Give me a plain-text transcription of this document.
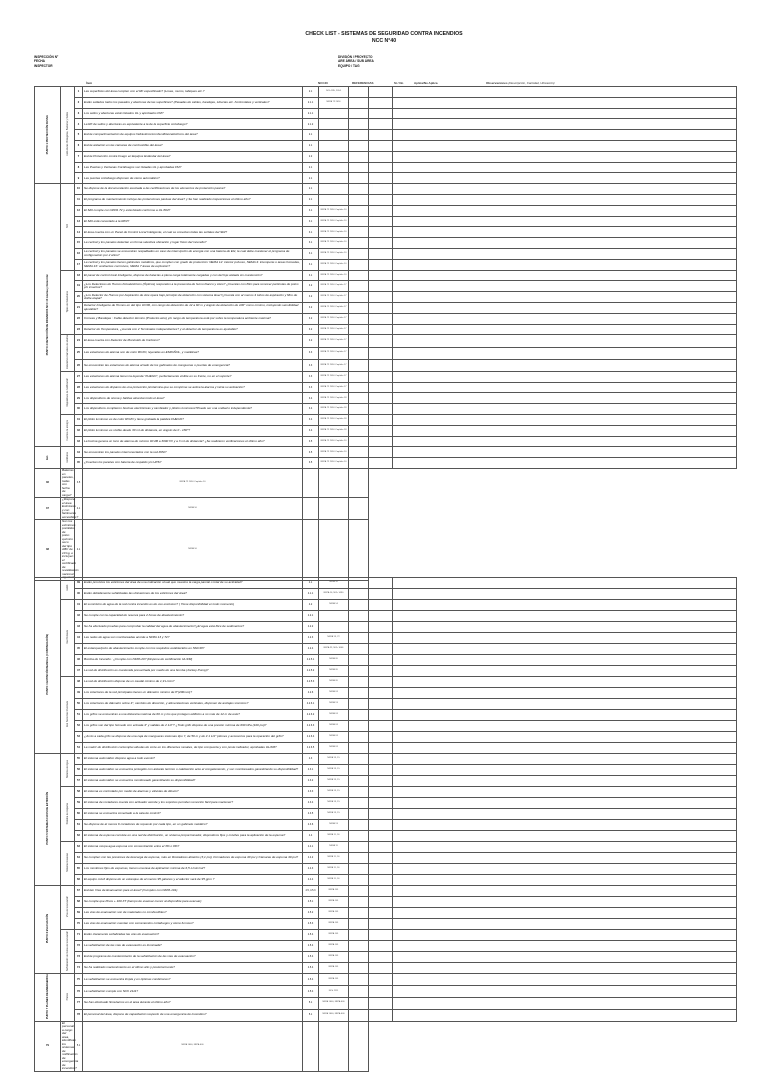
CHECK LIST - SISTEMAS DE SEGURIDAD CONTRA INCENDIOS
NCC N°40
INSPECCIÓN N°
FECHA
INSPECTOR
DIVISIÓN / PROYECTO
ARE ÁREA / SUB ÁREA
EQUIPO / TAG
Ítem	NCC40	REFERENCIAS	Sí / No	Aplica/No Aplica	Observaciones (Descripción, Cantidad, Ubicación)
PUNTO 1 PROTECCIÓN PASIVA	Estructuras Protegidas, Barreras y Sellos	1	Las superficies del área cumplen con el RF especificado? (Losas, muros, tabiques etc.?	2.1	NCh 935, 2014			
		2	Están sellados todos los pasados y aberturas de las superficies? (Pasadas de cables, bandejas, tuberías etc. horizontales y verticales?	2.1.1	NFPA 72 2016			
		3	Los sellos y aberturas están listados UL y aprobados FM?	2.1.1				
		4	La RF de sellos y aberturas es equivalente a la de la superficie cortafuego?	2.1.2				
		5	Existe compartimentación de equipos hidráulicos/combustibles/eléctricos del área?	2.1				
		6	Existe aislación en las cámaras de combustible del área?	2.1				
		7	Existe Protección contra Fuego en Equipos Estándar del área?	2.2				
		8	Las Puertas y Ventanas Cortafuegos son listadas UL y aprobadas FM?	2.1				
		9	Las puertas cortafuego disponen de cierre automático?	2.1				
PUNTO 2 DETECCIÓN DE INCENDIOS NCC 40 Alarma y Detección	SDI	10	Se dispone de la documentación asociada a las certificaciones de los elementos de protección pasiva?	2.1				
		11	El programa de mantenimiento incluye las protecciones pasivas del área? y Se han realizado inspecciones el último año?	2.1				
		12	El SDI cumple con NFPA 72 y está listado conforme a UL 864?	3.1	NFPA 72 2016 Capítulo 10			
		13	El SDI está conectado a la RINI?	3.1	NFPA 72 2016 Capítulo 10			
		14	El área cuenta con un Panel de Control Local Inteligente, el cual se conectan todas las señales del SDI?	3.1	NFPA 72 2016 Capítulo 10			
		15	La central y los paneles detectan en forma selectiva ubicación y lugar físico del incendio?	3.1	NFPA 72 2016 Capítulo 10			
		16	La central y los paneles se encuentran respaldados en caso de interrupción de energía con una batería de Ebi, la cual debe mantener el programa de configuración por 2 años?	3.1	NFPA 72 2016 Capítulo 10			
		17	La central y los paneles tienen gabinetes metálicos, que cumplen con grado de protección: NEMA 12: interior polvoso, NEMA 4: intemperie o áreas húmedas, NEMA 4X: ambientes corrosivos, NEMA 7 áreas de explosión?	3.1	NFPA 72 2016 Capítulo 10			
	Tipos de Detectores	18	El panel de control local inteligente, dispone de baterías a plena carga totalmente cargadas y con del fuje aislada sin mantención?	3.1	NFPA 72 2016 Capítulo 10			
		19	¿Los Detectores de Humos Fotoeléctricos (Ópticos) responden a la presencia de humo blanco y claro? ¿Cuentan con filtro para remover partículas de polvo y/o insectos?	3.2	NFPA 72 2016 Capítulo 17			
		20	¿Los Detector de Humos por Aspiración de Aire opera bajo principio de detección con sistema láser?¿Cuenta con al menos 4 tubos de aspiración y filtro de doble etapa?	3.2	NFPA 72 2016 Capítulo 17			
		21	Detector Inteligente de Humos en del tipo UV/IR, con rango de detección de 12 a 60 m y ángulo de detección de 100° como mínimo, incluyendo sensibilidad ajustable?	3.2	NFPA 72 2016 Capítulo 17			
		22	Correas y Bandejas : Cable detector térmico (Protector-wire) y/o rango de temperatura está por sobre la temperatura ambiente máxima?	3.2	NFPA 72 2016 Capítulo 17			
		23	Detector de Temperatura, ¿cuenta con 2 Terminales independientes? y el detector de temperatura es ajustable?	3.2	NFPA 72 2016 Capítulo 17			
	Estaciones manuales de alarma	24	El área cuenta con Detector de Monóxido de Carbono?	3.2	NFPA 72 2016 Capítulo 17			
		25	Las estaciones de alarma son de color ROJO, leyendas en ESPAÑOL, y metálicas?	3.3	NFPA 72 2016 Capítulo 17			
		26	Se encuentran las estaciones de alarma al lado de los gabinetes de mangueras o puertas de emergencia?	3.3	NFPA 72 2016 Capítulo 17			
	Dispositivos de notificación	27	Las estaciones de alarma tienen la leyenda "FUEGO", perfectamente visible en su frente, no en el soporte?	3.3	NFPA 72 2016 Capítulo 17			
		28	Las estaciones de disparos de una protección pirotécnica que se comprime se activa la alarma y inicia su activación?	3.3	NFPA 72 2016 Capítulo 17			
		29	Los dispositivos de sirena y balizas alcanzan todo el área?	3.4	NFPA 72 2016 Capítulo 18			
		30	Los dispositivos cumplieron bocinas electrónicas y cambiador y pilotos luminosos?Puede ser una unidad o independiente?	3.4	NFPA 72 2016 Capítulo 18			
	Fuentes de energía	31	El piloto luminoso es de color ROJO y tiene grabada la palabra FUEGO?	3.4	NFPA 72 2016 Capítulo 18			
		32	El piloto luminoso es visible desde 30 mt de distancia, en ángulo de 0 - 180°?	3.4	NFPA 72 2016 Capítulo 18			
		33	La bocina genera un tono de alarma de mínimo 90 dB a 3000 Hz y a 3 mt de distancia? ¿Se realizaron verificaciones el último año?	3.5	NFPA 72 2016 Capítulo 10			
Ext.	Extintores	34	Se encuentran los paneles interconectados con la red RINI?	3.5	NFPA 72 2016 Capítulo 10			
		35	¿Cuentan los paneles con batería de respaldo y/o UPS?	3.5	NFPA 72 2016 Capítulo 10			
36	Baterías en paneles, todas con fecha de carga?	3.5	NFPA 72 2016 Capítulo 10					
37	¿Dispone el área Extintores y con fácilmente accesibles?	4.1	NFPA 10					
38	Son los extintores portátiles de polvo químico seco del tipo ABC de 10 kg, e incluyen el certificado de revalidación nacional vigente?	4.1	NFPA 10					
PUNTO 4 EXTINCIÓN MANUAL (CONTINUACIÓN)	Extint.	39	Están provistos los extintores del área de una indicación visual que muestre la carga parcial o total de su actividad?	4.1	NFPA 10			
		40	Están debidamente señalizadas las ubicaciones de los extintores del área?	4.1.1	NFPA 10, NCh 1430			
	Red húmeda	41	El suministro de agua de la red contra incendio es de uso exclusivo? ( Tiene disponibilidad en todo momento)	4.2	NFPA 14			
		42	Se cumple con la capacidad de reserva para 2 horas de abastecimiento?	4.2.1				
		43	Se ha efectuado pruebas para comprobar la calidad del agua de abastecimiento?¿El agua está libre de sedimentos?	4.2.2				
		44	Las redes de agua son monitoreadas acorde a NFPA 13 y 72?	4.2.3	NFPA 13, 72			
		45	El estanque/pozo de abastecimiento cumple con los requisitos establecidos en NSC48?	4.2.4	NFPA 22, NCh 1646			
		46	Bomba de Incendio : ¿Cumple con NFPA 20? (Dispone de certificación UL/FM)	4.2.5.1	NFPA 20			
		47	La red de distribución es mantenida presurizada por medio de una bomba (Jockey Pump)?	4.2.5.2	NFPA 20			
	Red Seca/Red Inundada	48	La red de distribución dispone de un caudal mínimo de 1,9 L/min?	4.2.5.3	NFPA 20			
		49	Los colectores de la red principales tienen un diámetro mínimo de 8"(200mm)?	4.2.6	NFPA 24			
		50	Los colectores de diámetro sobre 4", cambios de dirección, y alimentaciones verticales, disponen de anclajes sísmicos?	4.2.6.1	NFPA 13			
		51	Los grifos se encuentran a una distancia máxima de 60 m y los que protegen edificios a no más de 12 m de este?	4.2.6.2	NFPA 24			
		52	Los grifos son del tipo húmedo con entrada 4" y salidas de 2 1/2"? ¿Todo grifo dispone de una presión mínima de 690 kPa (100 psi)?	4.2.6.3	NFPA 24			
		53	¿Junto a cada grifo se dispone de una caja de mangueras sistemas tipo Y, de 50 m y de 4 1 1/2" pitones y accesorios para la operación del grifo?	4.2.6.4	NFPA 24			
		54	La matriz de distribución contempla válvulas de corte en los diferentes ramales, de tipo compuerta y con poste indicador, aprobadas UL/FM?	4.2.6.5	NFPA 24			
PUNTO 5 SISTEMAS FIJOS DE EXTINCIÓN	Sistema de Agua	55	El sistema automático dispone agua a todo evento?	4.3	NFPA 13, 15			
		56	El sistema automático se encuentra protegido con aislante térmico o calefacción ante el congelamiento, y son monitoreados garantizando su disponibilidad?	4.3.1	NFPA 13, 15			
		57	El sistema automático se encuentra monitoreado garantizando su disponibilidad?	4.3.2	NFPA 13, 15			
	Sistema de Espuma	58	El sistema es controlado por medio de alarmas y válvulas de diluvio?	4.3.3	NFPA 13, 15			
		59	El sistema de rociadores cuenta con activador acorde y los soportes permiten remoción fácil para mantener?	4.3.4	NFPA 13, 15			
		60	El sistema se encuentra conectado a la sala de control?	4.3.5	NFPA 13, 15			
		61	Se dispone de al menos 6 rociadores de repuesto por cada tipo, en un gabinete metálico?	4.3.6	NFPA 13			
		62	El sistema de espuma consiste en una red de distribución, un sistema proporcionador, dispositivos fijos y móviles para la aplicación de la espuma?	4.4	NFPA 11, 16			
	Sistema Gaseoso	63	El sistema ocupa agua espuma con concentración entre el 3% o 6%?	4.4.1	NFPA 11			
		64	Se cumplen con las presiones de descarga de espuma, más en Rociadores abiertos (3,1 psi), Formadores de espuma 40 psi y Cámaras de espuma 40 psi?	4.4.2	NFPA 11, 16			
		65	Los monitores fijos de espumas, tienen una tasa de aplicación mínima de 6,5 L/min/m2?	4.4.3	NFPA 11, 16			
		66	El equipo móvil dispone de un estanque de al menos 95 galones y el aductor será de 95 gpm ?	4.4.4	NFPA 11, 16			
PUNTO 6 EVACUACIÓN	Vías de Evacuación	67	Existen Vías de Evacuación para el área? (Cumplen con NFPA 101)	4.5, 4.5.3	NFPA 101			
		68	Se cumple que Pisos + 100 FT (tiempo de evacuar menor al disponible para evacuar)	4.5.1	NFPA 101			
		69	Las vías de evacuación son de materiales no combustibles?	4.5.2	NFPA 101			
		70	Las vías de evacuación cuentan con cerramientos cortafuegos y cierre fumoso?	4.5.3	NFPA 101			
	Señalización de Rutas de Evacuación	71	Están claramente señalizadas las vías de evacuación?	4.5.4	NFPA 101			
		72	La señalización de las vías de evacuación es iluminada?	4.5.4	NFPA 101			
		73	Existe programa de mantenimiento de la señalización de las vías de evacuación?	4.5.4	NFPA 101			
		74	Se ha realizado mantenimiento en el último año y posteriormente?	4.5.4	NFPA 101			
PUNTO 7 PLANES DE EMERGENCIA	Planes	75	La señalización se encuentra limpia y en óptimas condiciones?	4.5.4	NFPA 101			
		76	La señalización cumple con NCh 2111?	4.5.4	NCh 2111			
		77	Se han efectuado Simulacros en el área durante el último año?	5.1	NFPA 1600, NFPA 600			
		78	El personal del área, dispone de capacitación respecto de una emergencia de incendios?	5.1	NFPA 1600, NFPA 600			
79	El personal a cargo del área, identifican los sistemas de notificación de emergencia de incendios?	5.1	NFPA 1600, NFPA 600					
